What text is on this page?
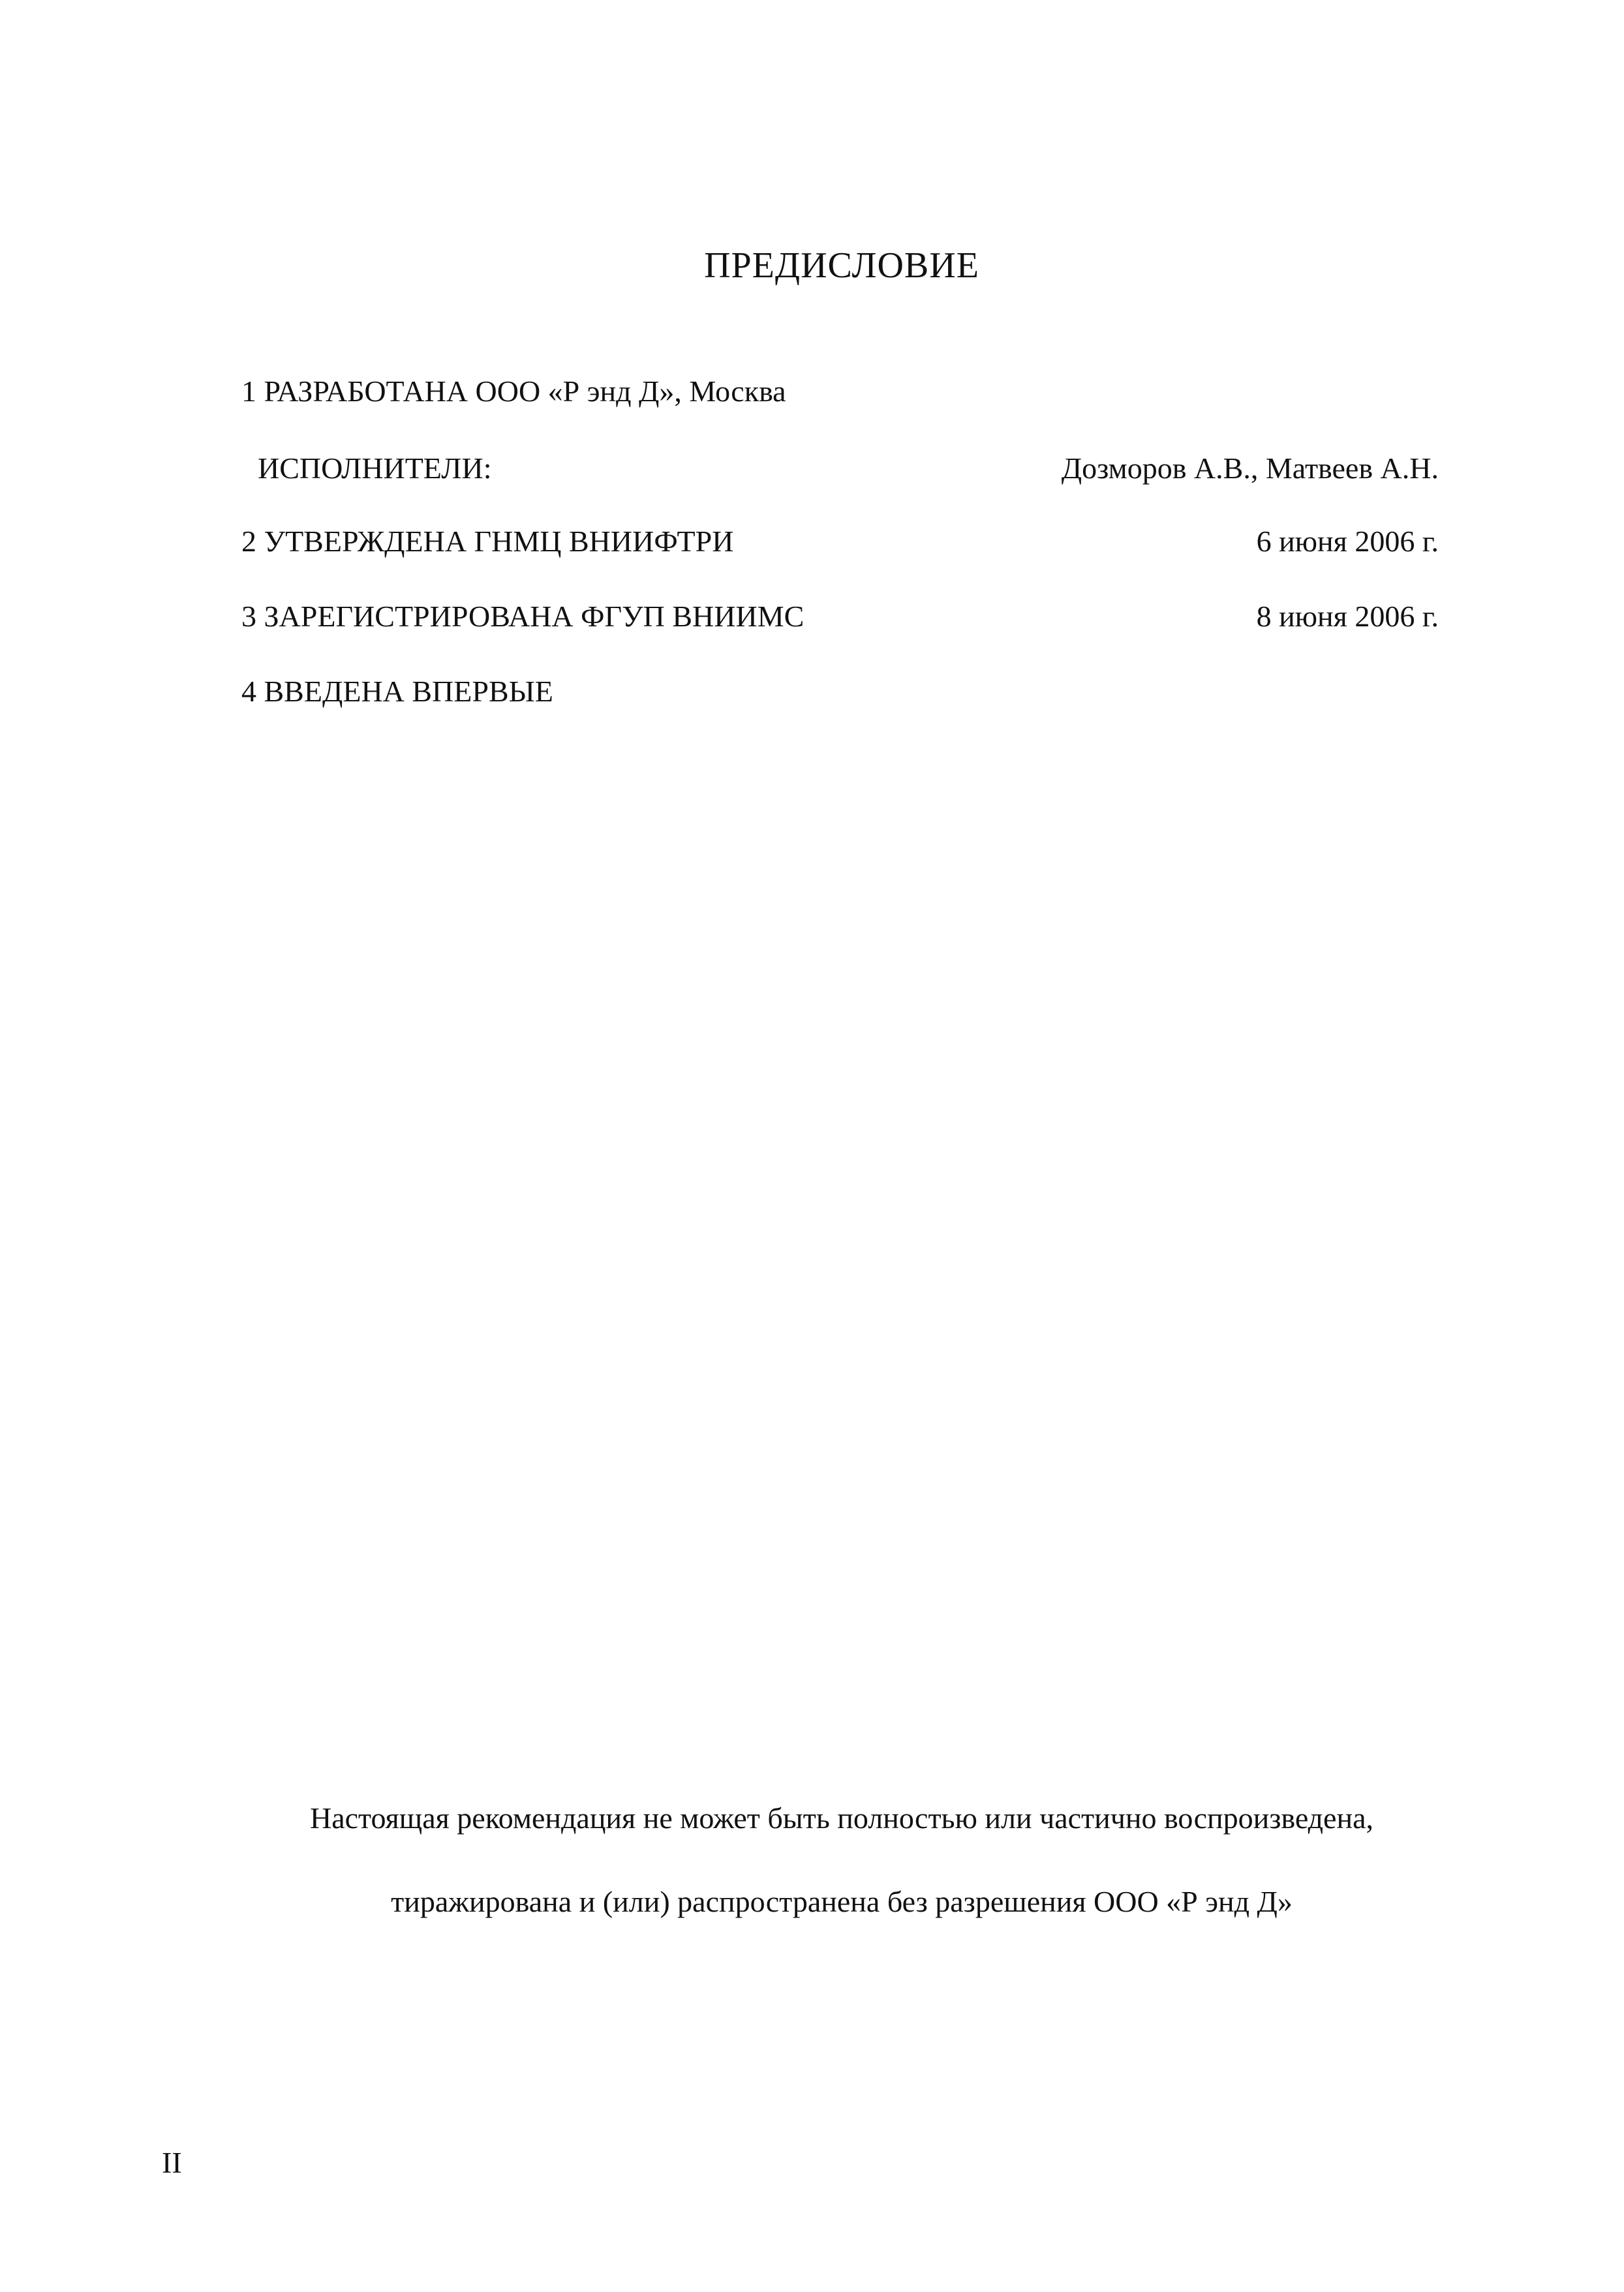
ПРЕДИСЛОВИЕ
1 РАЗРАБОТАНА ООО «Р энд Д», Москва
ИСПОЛНИТЕЛИ:	Дозморов А.В., Матвеев А.Н.
2 УТВЕРЖДЕНА ГНМЦ ВНИИФТРИ	6 июня 2006 г.
3 ЗАРЕГИСТРИРОВАНА ФГУП ВНИИМС	8 июня 2006 г.
4 ВВЕДЕНА ВПЕРВЫЕ
Настоящая рекомендация не может быть полностью или частично воспроизведена,
тиражирована и (или) распространена без разрешения ООО «Р энд Д»
II
